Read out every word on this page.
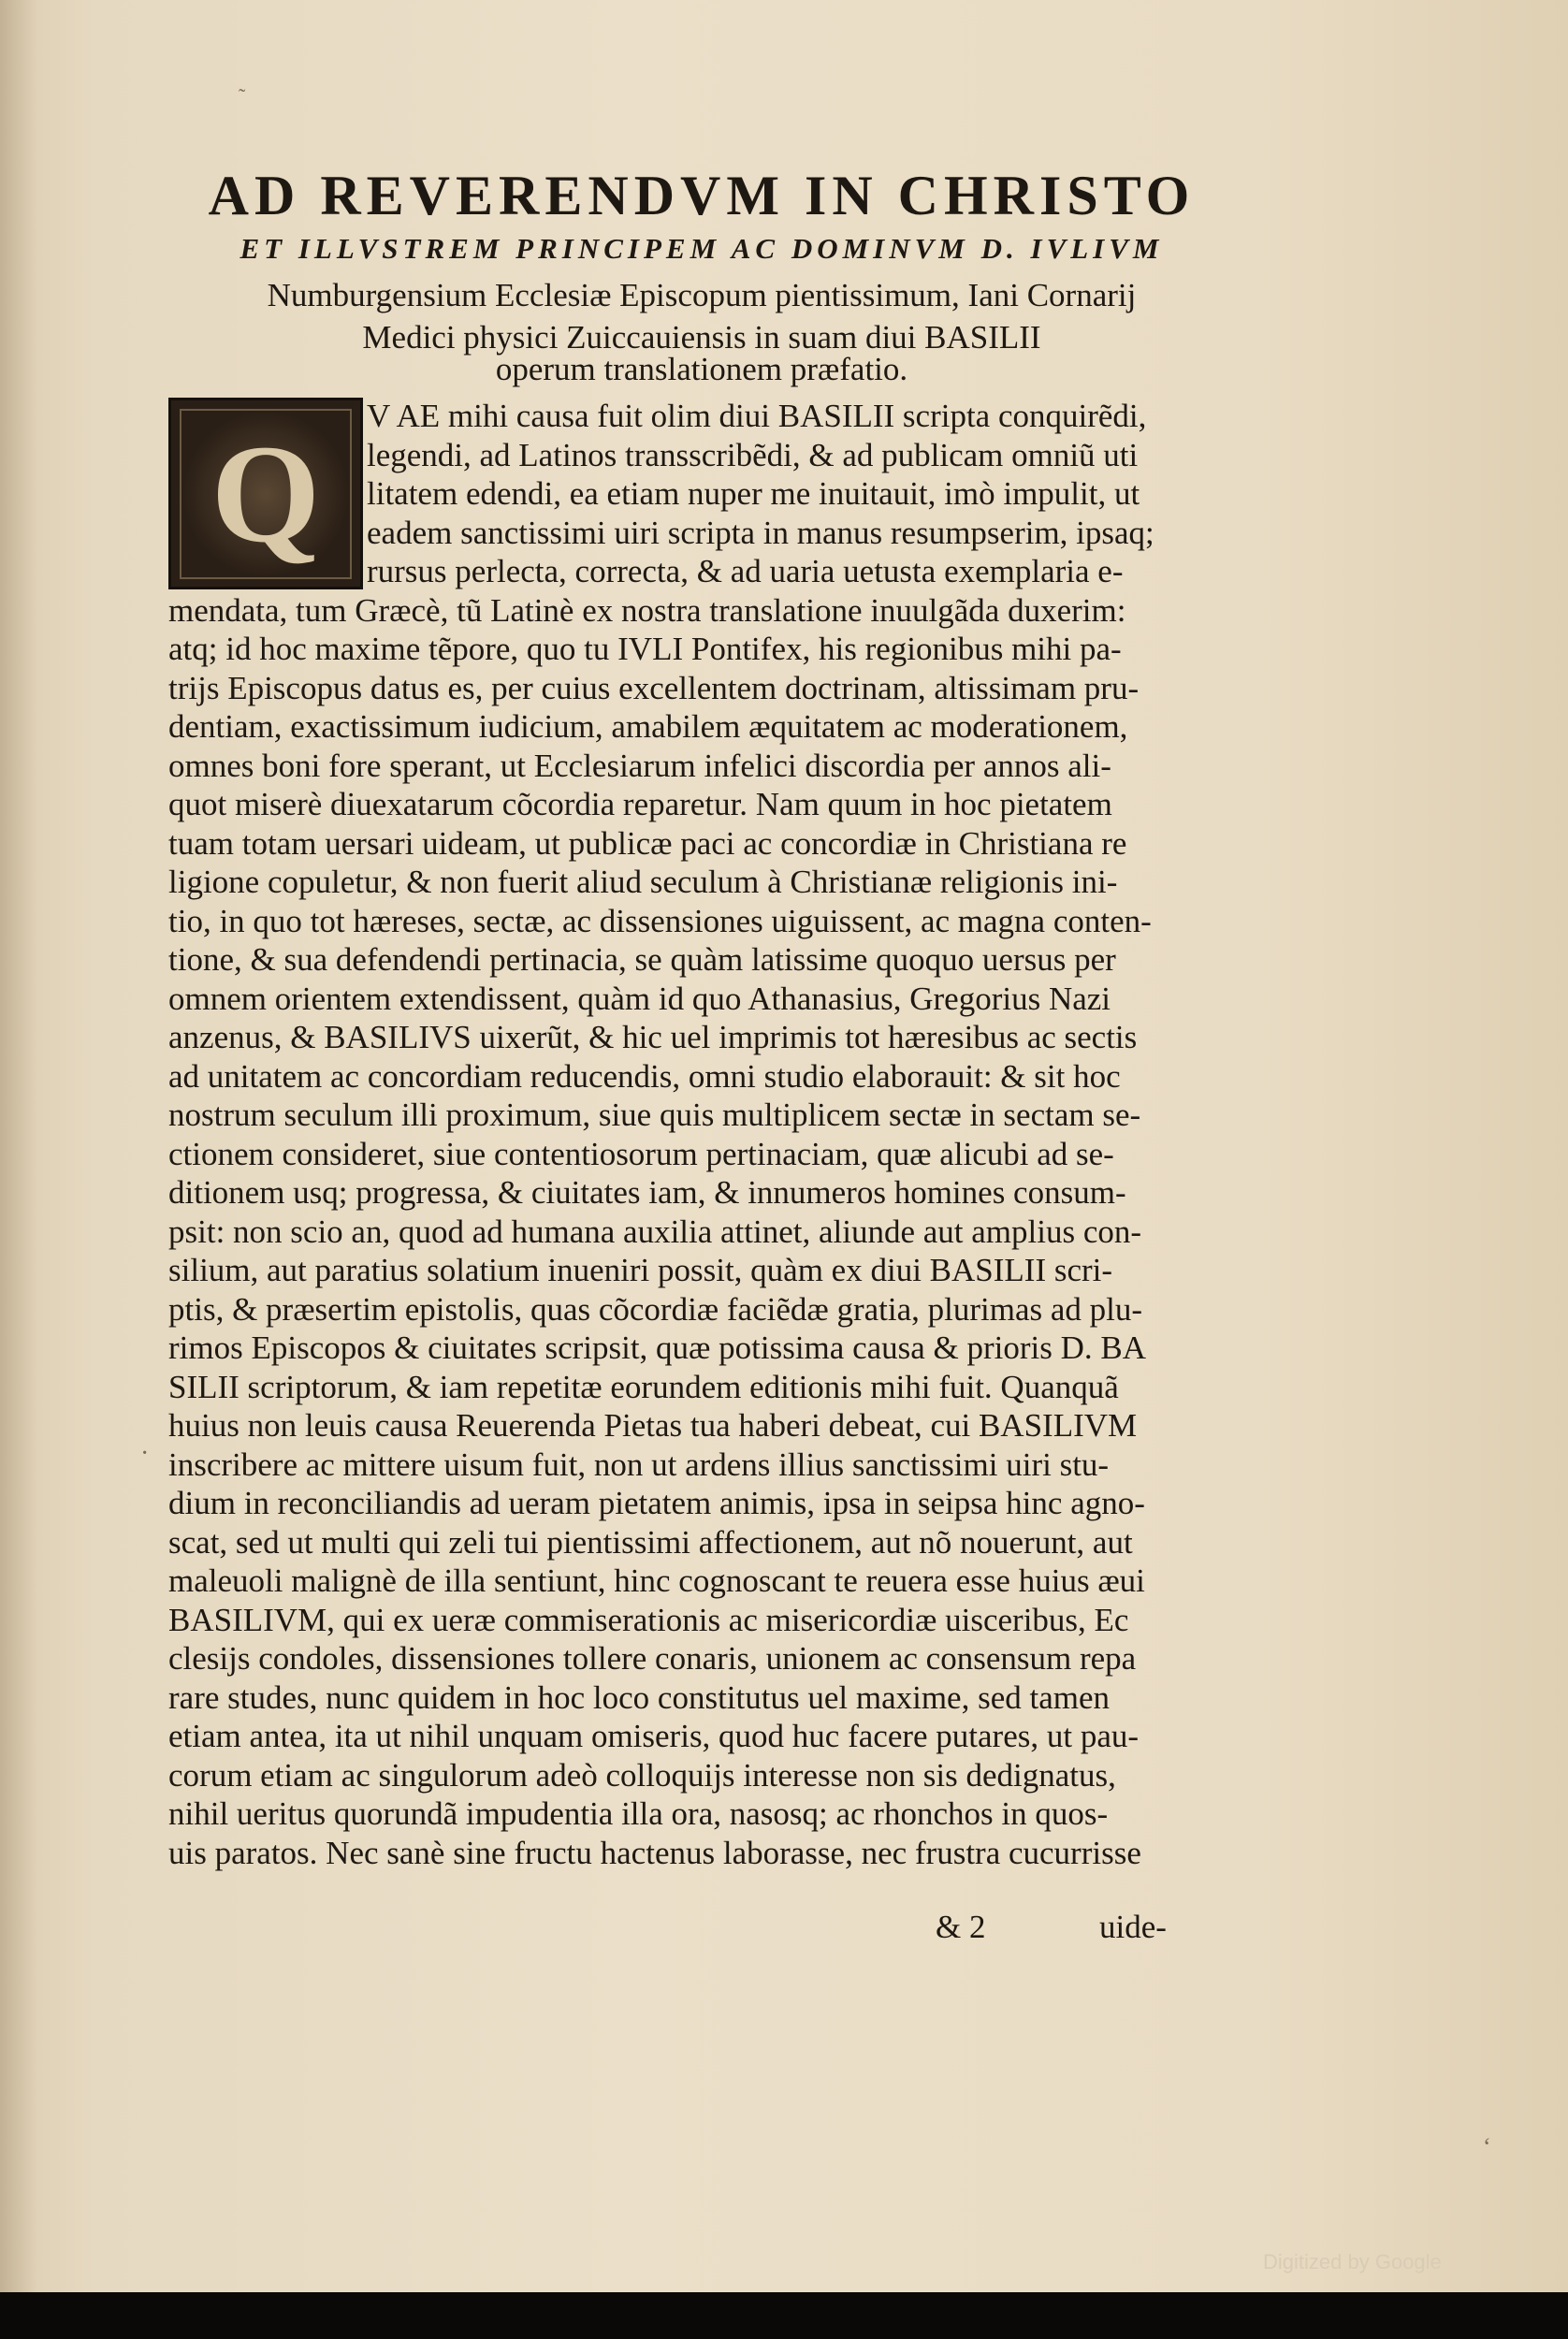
˜
·
ʻ
AD REVERENDVM IN CHRISTO
ET ILLVSTREM PRINCIPEM AC DOMINVM D. IVLIVM
Numburgensium Ecclesiæ Episcopum pientissimum, Iani Cornarij
Medici physici Zuiccauiensis in suam diui BASILII
operum translationem præfatio.
Q V AE mihi causa fuit olim diui BASILII scripta conquirẽdi,
legendi, ad Latinos transscribẽdi, & ad publicam omniũ uti
litatem edendi, ea etiam nuper me inuitauit, imò impulit, ut
eadem sanctissimi uiri scripta in manus resumpserim, ipsaq;
rursus perlecta, correcta, & ad uaria uetusta exemplaria e-
mendata, tum Græcè, tũ Latinè ex nostra translatione inuulgãda duxerim:
atq; id hoc maxime tẽpore, quo tu IVLI Pontifex, his regionibus mihi pa-
trijs Episcopus datus es, per cuius excellentem doctrinam, altissimam pru-
dentiam, exactissimum iudicium, amabilem æquitatem ac moderationem,
omnes boni fore sperant, ut Ecclesiarum infelici discordia per annos ali-
quot miserè diuexatarum cõcordia reparetur. Nam quum in hoc pietatem
tuam totam uersari uideam, ut publicæ paci ac concordiæ in Christiana re
ligione copuletur, & non fuerit aliud seculum à Christianæ religionis ini-
tio, in quo tot hæreses, sectæ, ac dissensiones uiguissent, ac magna conten-
tione, & sua defendendi pertinacia, se quàm latissime quoquo uersus per
omnem orientem extendissent, quàm id quo Athanasius, Gregorius Nazi
anzenus, & BASILIVS uixerũt, & hic uel imprimis tot hæresibus ac sectis
ad unitatem ac concordiam reducendis, omni studio elaborauit: & sit hoc
nostrum seculum illi proximum, siue quis multiplicem sectæ in sectam se-
ctionem consideret, siue contentiosorum pertinaciam, quæ alicubi ad se-
ditionem usq; progressa, & ciuitates iam, & innumeros homines consum-
psit: non scio an, quod ad humana auxilia attinet, aliunde aut amplius con-
silium, aut paratius solatium inueniri possit, quàm ex diui BASILII scri-
ptis, & præsertim epistolis, quas cõcordiæ faciẽdæ gratia, plurimas ad plu-
rimos Episcopos & ciuitates scripsit, quæ potissima causa & prioris D. BA
SILII scriptorum, & iam repetitæ eorundem editionis mihi fuit. Quanquã
huius non leuis causa Reuerenda Pietas tua haberi debeat, cui BASILIVM
inscribere ac mittere uisum fuit, non ut ardens illius sanctissimi uiri stu-
dium in reconciliandis ad ueram pietatem animis, ipsa in seipsa hinc agno-
scat, sed ut multi qui zeli tui pientissimi affectionem, aut nõ nouerunt, aut
maleuoli malignè de illa sentiunt, hinc cognoscant te reuera esse huius æui
BASILIVM, qui ex ueræ commiserationis ac misericordiæ uisceribus, Ec
clesijs condoles, dissensiones tollere conaris, unionem ac consensum repa
rare studes, nunc quidem in hoc loco constitutus uel maxime, sed tamen
etiam antea, ita ut nihil unquam omiseris, quod huc facere putares, ut pau-
corum etiam ac singulorum adeò colloquijs interesse non sis dedignatus,
nihil ueritus quorundã impudentia illa ora, nasosq; ac rhonchos in quos-
uis paratos. Nec sanè sine fructu hactenus laborasse, nec frustra cucurrisse
& 2	uide-
Digitized by Google
